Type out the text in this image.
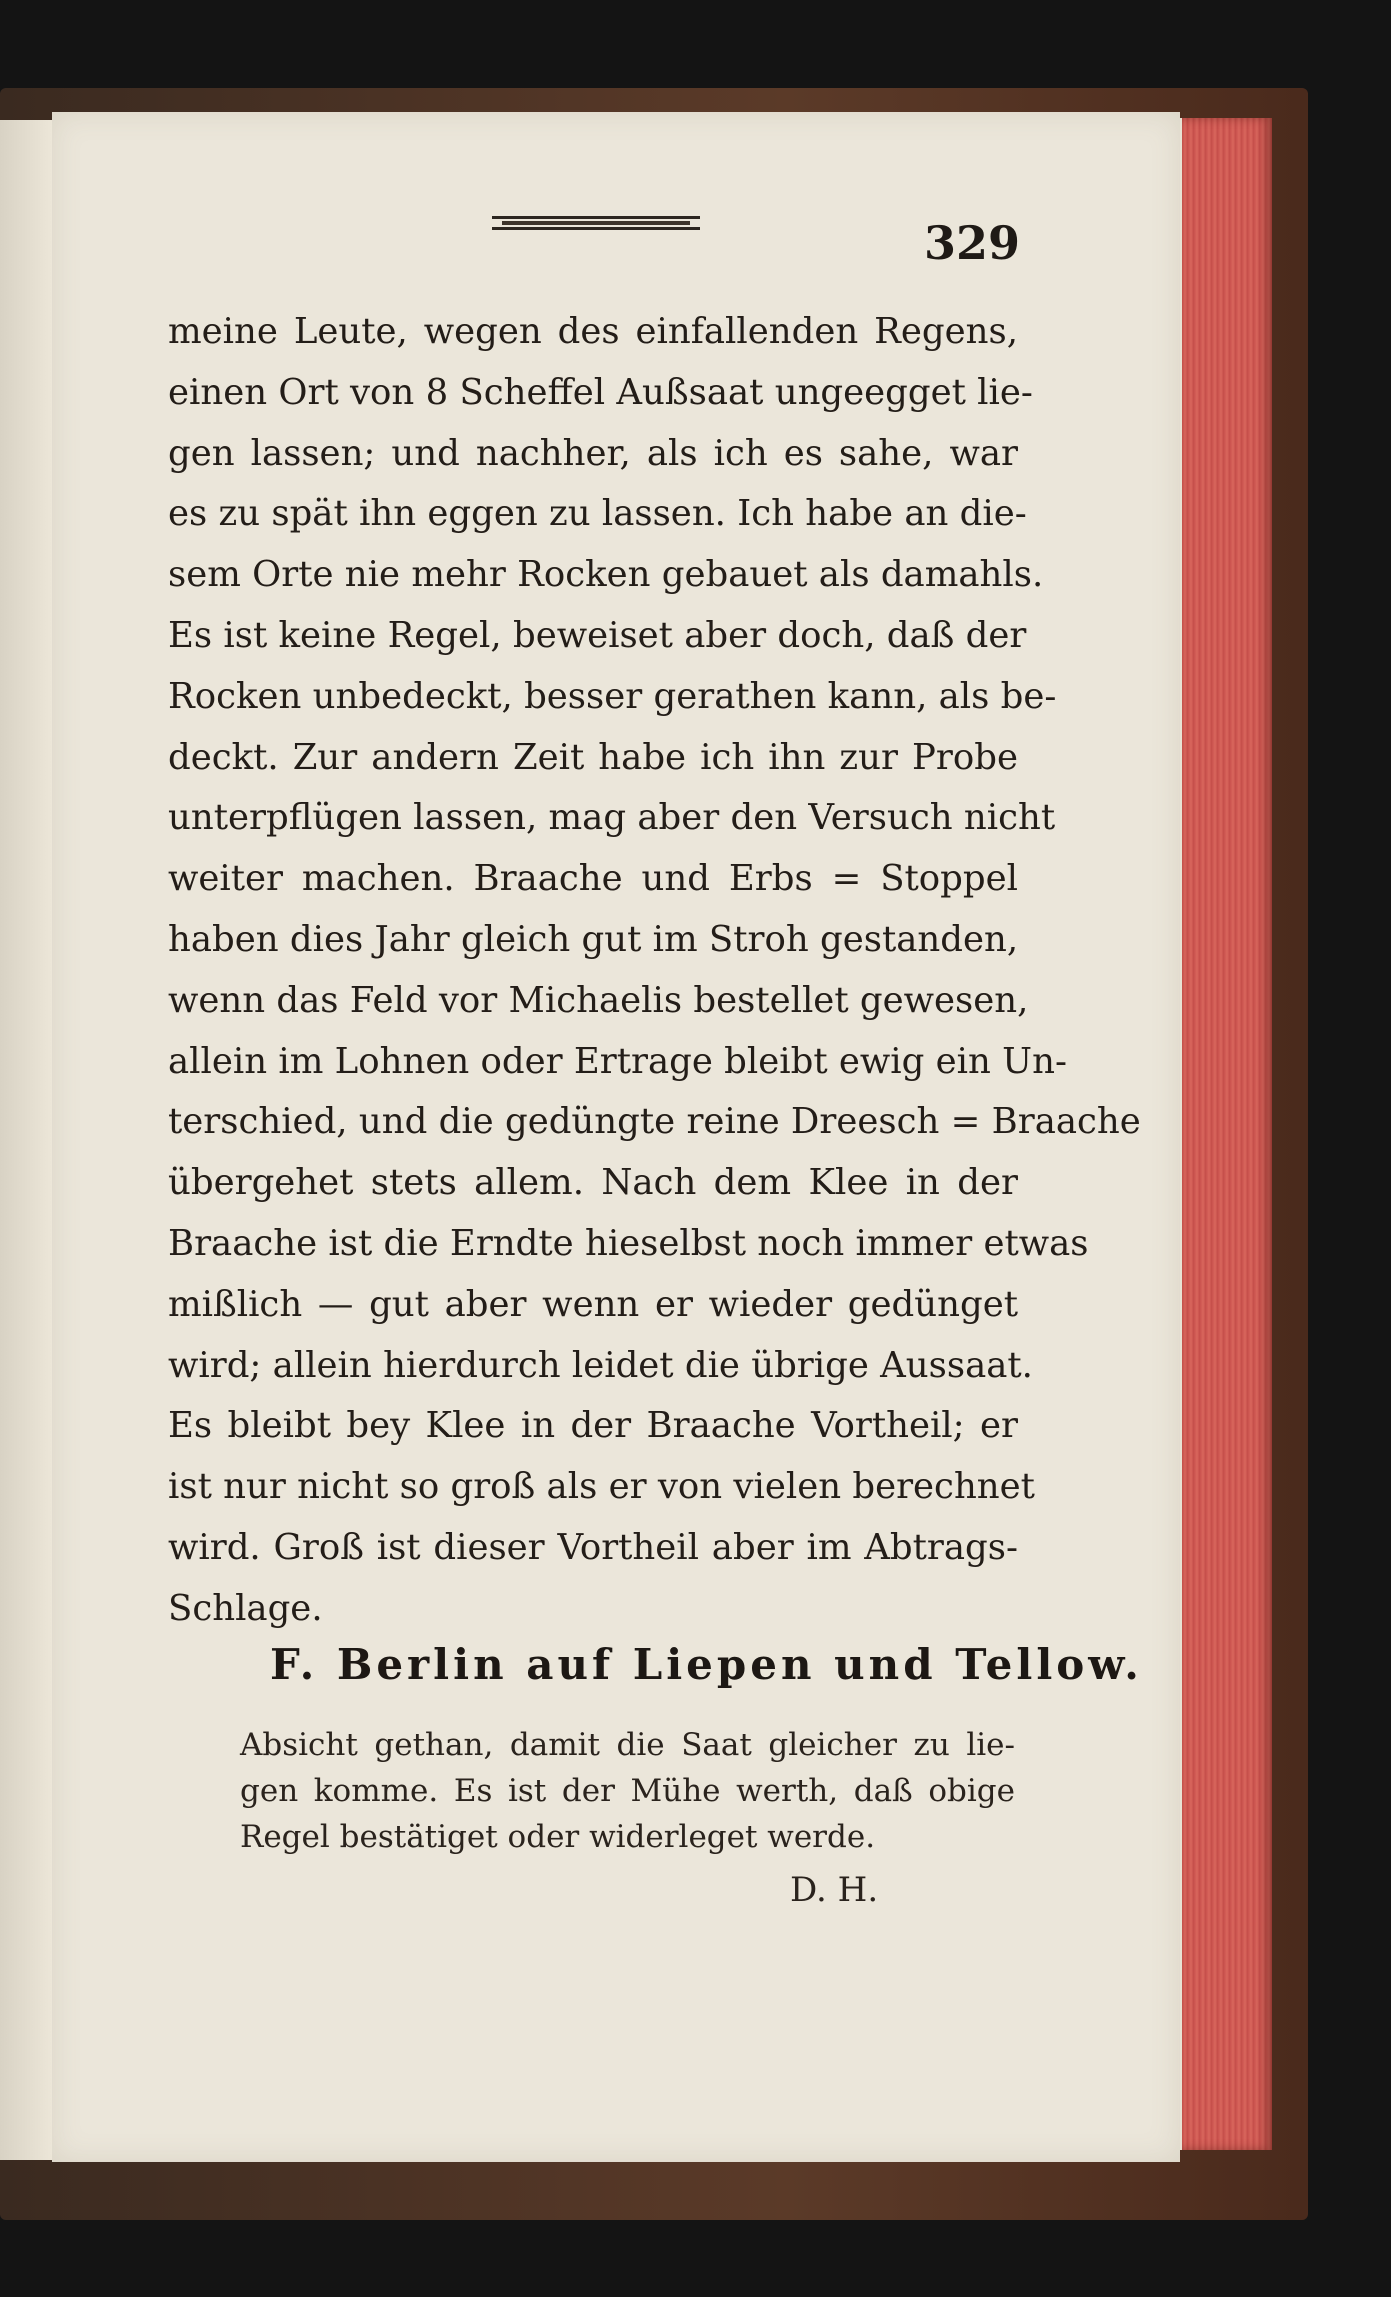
329
meine Leute, wegen des einfallenden Regens,
einen Ort von 8 Scheffel Außsaat ungeegget lie-
gen lassen; und nachher, als ich es sahe, war
es zu spät ihn eggen zu lassen. Ich habe an die-
sem Orte nie mehr Rocken gebauet als damahls.
Es ist keine Regel, beweiset aber doch, daß der
Rocken unbedeckt, besser gerathen kann, als be-
deckt. Zur andern Zeit habe ich ihn zur Probe
unterpflügen lassen, mag aber den Versuch nicht
weiter machen. Braache und Erbs = Stoppel
haben dies Jahr gleich gut im Stroh gestanden,
wenn das Feld vor Michaelis bestellet gewesen,
allein im Lohnen oder Ertrage bleibt ewig ein Un-
terschied, und die gedüngte reine Dreesch = Braache
übergehet stets allem. Nach dem Klee in der
Braache ist die Erndte hieselbst noch immer etwas
mißlich — gut aber wenn er wieder gedünget
wird; allein hierdurch leidet die übrige Aussaat.
Es bleibt bey Klee in der Braache Vortheil; er
ist nur nicht so groß als er von vielen berechnet
wird. Groß ist dieser Vortheil aber im Abtrags-
Schlage.
F. Berlin auf Liepen und Tellow.
Absicht gethan, damit die Saat gleicher zu lie-
gen komme. Es ist der Mühe werth, daß obige
Regel bestätiget oder widerleget werde.
D. H.
